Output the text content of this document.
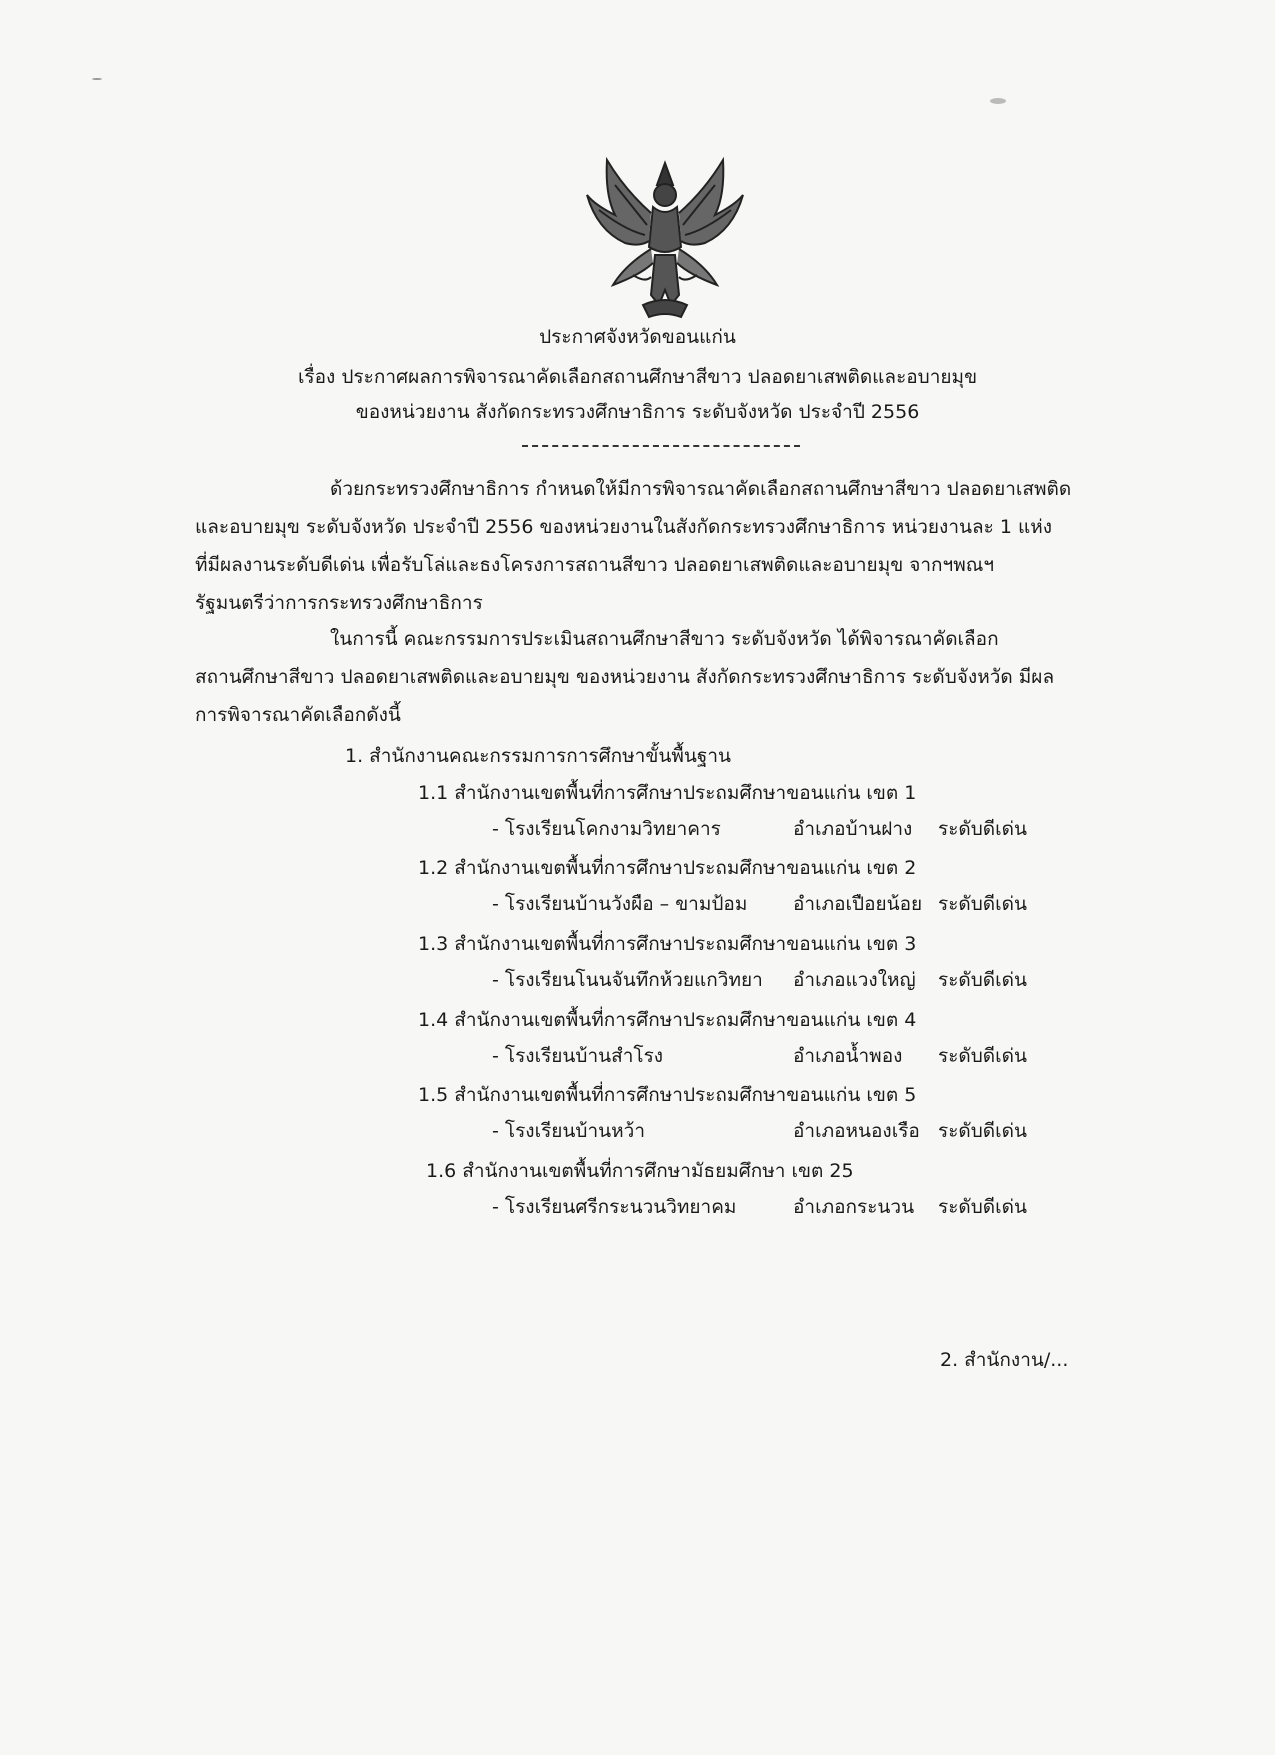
ประกาศจังหวัดขอนแก่น
เรื่อง ประกาศผลการพิจารณาคัดเลือกสถานศึกษาสีขาว ปลอดยาเสพติดและอบายมุข
ของหน่วยงาน สังกัดกระทรวงศึกษาธิการ ระดับจังหวัด ประจำปี 2556
ด้วยกระทรวงศึกษาธิการ กำหนดให้มีการพิจารณาคัดเลือกสถานศึกษาสีขาว ปลอดยาเสพติด
และอบายมุข ระดับจังหวัด ประจำปี 2556 ของหน่วยงานในสังกัดกระทรวงศึกษาธิการ หน่วยงานละ 1 แห่ง
ที่มีผลงานระดับดีเด่น เพื่อรับโล่และธงโครงการสถานสีขาว ปลอดยาเสพติดและอบายมุข จากฯพณฯ
รัฐมนตรีว่าการกระทรวงศึกษาธิการ
ในการนี้ คณะกรรมการประเมินสถานศึกษาสีขาว ระดับจังหวัด ได้พิจารณาคัดเลือก
สถานศึกษาสีขาว ปลอดยาเสพติดและอบายมุข ของหน่วยงาน สังกัดกระทรวงศึกษาธิการ ระดับจังหวัด มีผล
การพิจารณาคัดเลือกดังนี้
1. สำนักงานคณะกรรมการการศึกษาขั้นพื้นฐาน
1.1 สำนักงานเขตพื้นที่การศึกษาประถมศึกษาขอนแก่น เขต 1
- โรงเรียนโคกงามวิทยาคาร	อำเภอบ้านฝาง ระดับดีเด่น
1.2 สำนักงานเขตพื้นที่การศึกษาประถมศึกษาขอนแก่น เขต 2
- โรงเรียนบ้านวังผือ – ขามป้อม อำเภอเปือยน้อย ระดับดีเด่น
1.3 สำนักงานเขตพื้นที่การศึกษาประถมศึกษาขอนแก่น เขต 3
- โรงเรียนโนนจันทึกห้วยแกวิทยา อำเภอแวงใหญ่ ระดับดีเด่น
1.4 สำนักงานเขตพื้นที่การศึกษาประถมศึกษาขอนแก่น เขต 4
- โรงเรียนบ้านสำโรง	อำเภอน้ำพอง ระดับดีเด่น
1.5 สำนักงานเขตพื้นที่การศึกษาประถมศึกษาขอนแก่น เขต 5
- โรงเรียนบ้านหว้า	อำเภอหนองเรือ ระดับดีเด่น
1.6 สำนักงานเขตพื้นที่การศึกษามัธยมศึกษา เขต 25
- โรงเรียนศรีกระนวนวิทยาคม	อำเภอกระนวน ระดับดีเด่น
2. สำนักงาน/...
